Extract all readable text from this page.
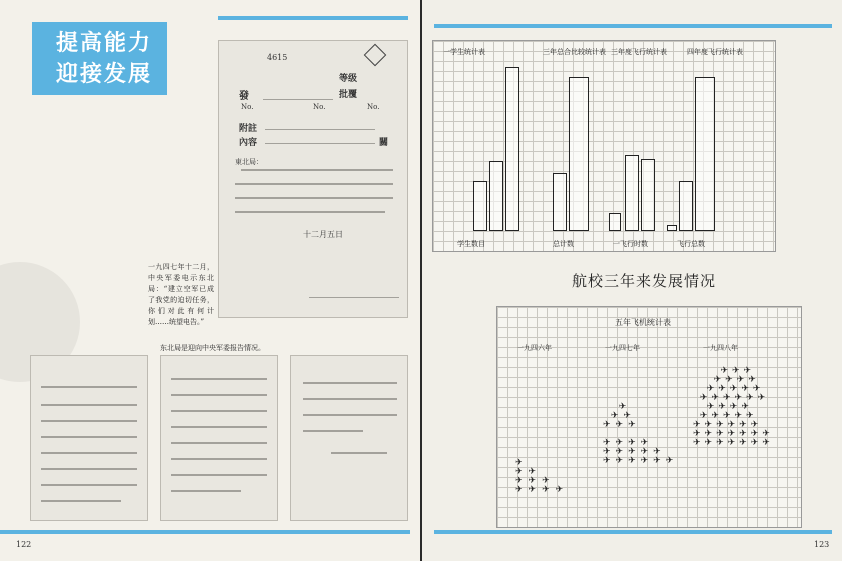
提高能力
迎接发展
4615
等级
發	批覆
No.	No.	No.
附註
內容	關
東北局：
十二月五日
一九四七年十二月，中央军委电示东北局：“建立空军已成了我党的迫切任务，你们对此有何计划……统望电告。”
东北局是迎向中央军委报告情况。
122
一学生统计表	三年总合比较统计表 三年度飞行统计表	四年度飞行统计表
学生数目	总计数	一飞行时数	飞行总数
航校三年来发展情况
五年飞机统计表
一九四六年	一九四七年	一九四八年
✈
✈✈
✈✈✈
✈✈✈✈
✈
✈✈
✈✈✈

✈✈✈✈
✈✈✈✈✈
✈✈✈✈✈✈
✈✈✈
✈✈✈✈
✈✈✈✈✈
✈✈✈✈✈✈
✈✈✈✈
✈✈✈✈✈
✈✈✈✈✈✈
✈✈✈✈✈✈✈
✈✈✈✈✈✈✈
123
